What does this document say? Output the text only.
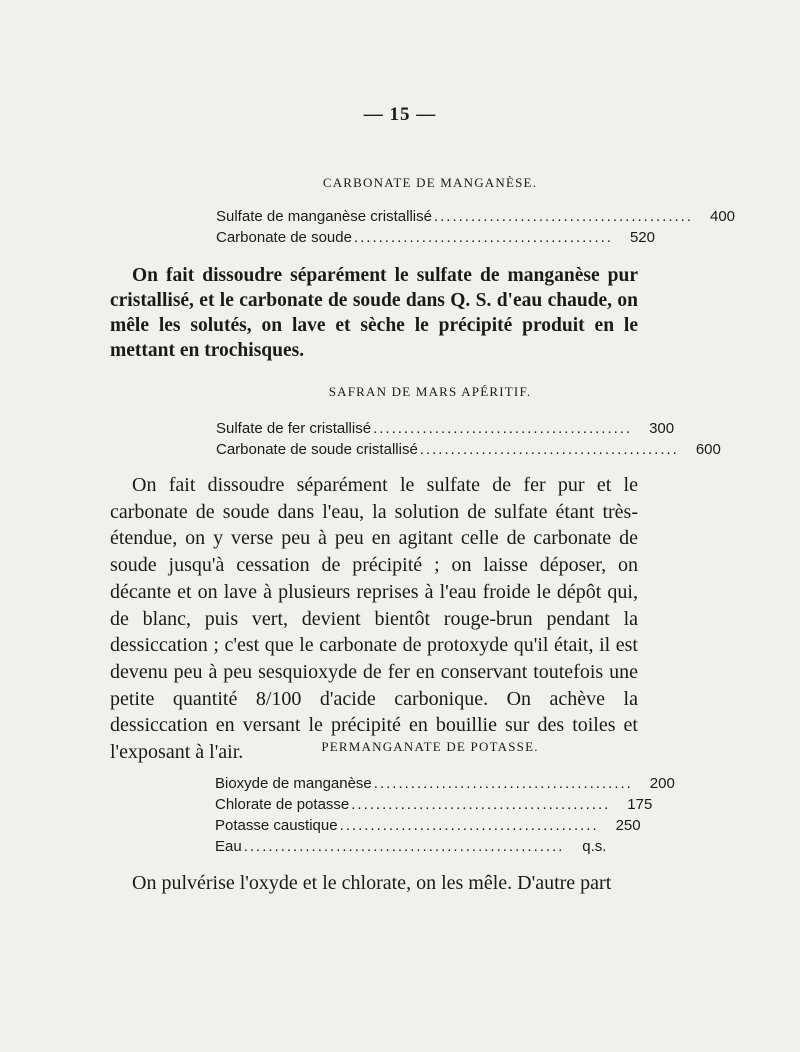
— 15 —
CARBONATE DE MANGANÈSE.
Sulfate de manganèse cristallisé ..........................................	400
Carbonate de soude ..........................................	520
On fait dissoudre séparément le sulfate de manganèse pur cristallisé, et le carbonate de soude dans Q. S. d'eau chaude, on mêle les solutés, on lave et sèche le précipité produit en le mettant en trochisques.
SAFRAN DE MARS APÉRITIF.
Sulfate de fer cristallisé ..........................................	300
Carbonate de soude cristallisé ..........................................	600
On fait dissoudre séparément le sulfate de fer pur et le carbonate de soude dans l'eau, la solution de sulfate étant très-étendue, on y verse peu à peu en agitant celle de carbonate de soude jusqu'à cessation de précipité ; on laisse déposer, on décante et on lave à plusieurs reprises à l'eau froide le dépôt qui, de blanc, puis vert, devient bientôt rouge-brun pendant la dessiccation ; c'est que le carbonate de protoxyde qu'il était, il est devenu peu à peu sesquioxyde de fer en conservant toutefois une petite quantité 8/100 d'acide carbonique. On achève la dessiccation en versant le précipité en bouillie sur des toiles et l'exposant à l'air.	PERMANGANATE DE POTASSE.
Bioxyde de manganèse ..........................................	200
Chlorate de potasse ..........................................	175
Potasse caustique ..........................................	250
Eau ....................................................	q.s.
On pulvérise l'oxyde et le chlorate, on les mêle. D'autre part
